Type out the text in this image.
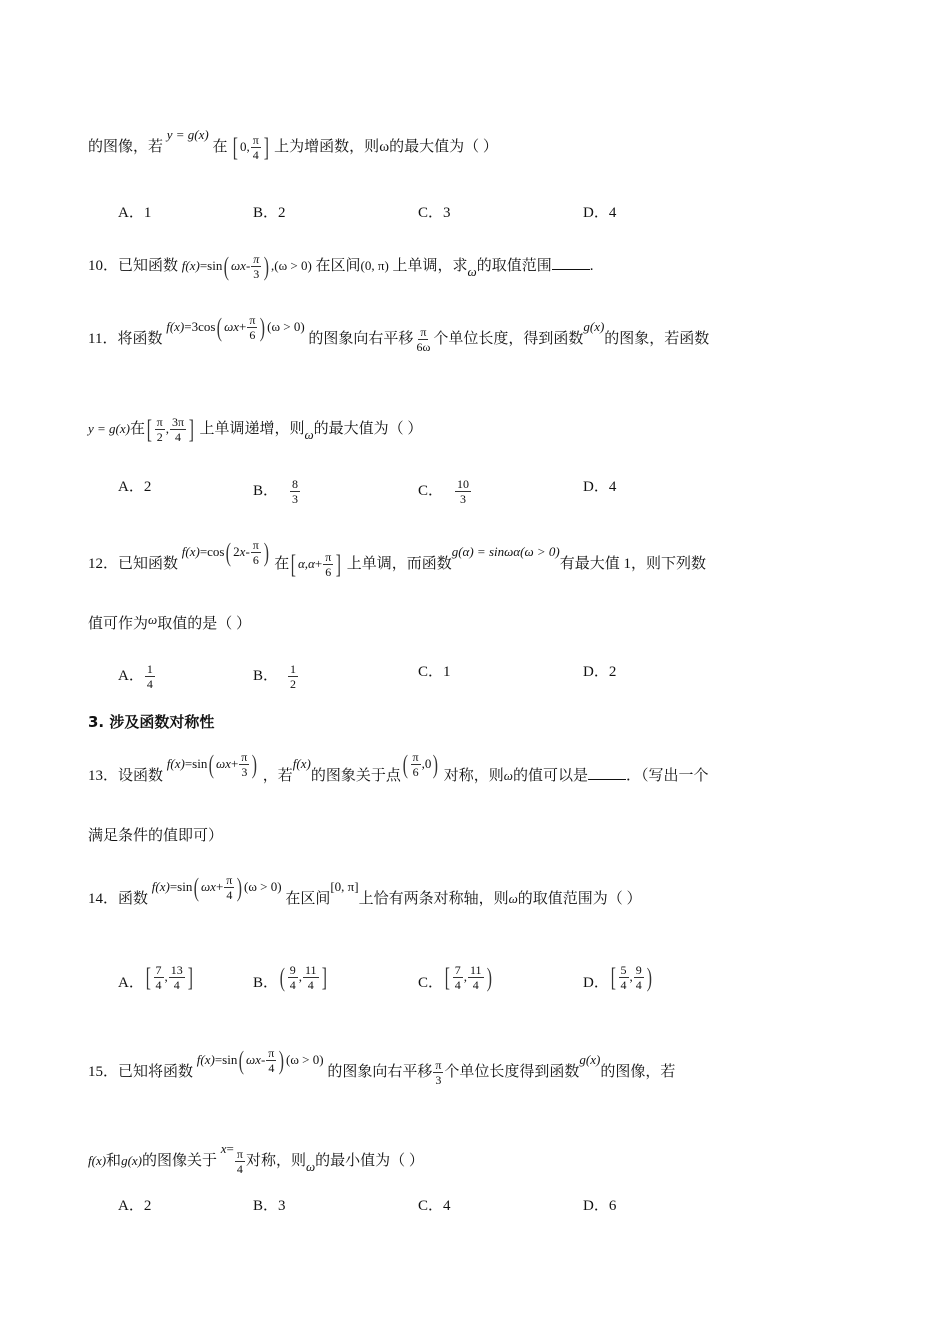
的图像，若 y = g(x) 在 [ 0, $\frac{\pi}{4}$ ] 上为增函数，则ω的最大值为（ ）
A．1	B．2	C．3	D．4
10．已知函数 f(x)=sin( $\omega x- \frac{\pi}{3}$ ) ,(ω > 0) 在区间(0, π) 上单调，求ω的取值范围	.
11．将函数 f(x)=3cos( $\omega x+ \frac{\pi}{6}$ ) (ω > 0) 的图象向右平移 $\frac{\pi}{6\omega}$ 个单位长度，得到函数g(x)的图象，若函数
y = g(x)在[ $\frac{\pi}{2}$ , $\frac{3\pi}{4}$ ] 上单调递增，则ω的最大值为（ ）
A．2	B． $\frac{8}{3}$	C． $\frac{10}{3}$	D．4
12．已知函数 f(x)=cos( $2x- \frac{\pi}{6}$ ) 在[ $\alpha,\alpha+ \frac{\pi}{6}$ ] 上单调，而函数g(α) = sinωα(ω > 0)有最大值 1，则下列数
值可作为ω取值的是（ ）
A． $\frac{1}{4}$	B． $\frac{1}{2}$	C．1	D．2
3. 涉及函数对称性
13．设函数 f(x)=sin( $\omega x+ \frac{\pi}{3}$ ) ，若f(x)的图象关于点( $\frac{\pi}{6} ,0$) 对称，则ω的值可以是	．（写出一个
满足条件的值即可）
14．函数 f(x)=sin( $\omega x+ \frac{\pi}{4}$ ) (ω > 0) 在区间[0, π]上恰有两条对称轴，则ω的取值范围为（ ）
A．[ $\frac{7}{4}$ , $\frac{13}{4}$ ]	B．( $\frac{9}{4}$ , $\frac{11}{4}$ ]	C．[ $\frac{7}{4}$ , $\frac{11}{4}$ )	D．[ $\frac{5}{4}$ , $\frac{9}{4}$ )
15．已知将函数 f(x)=sin( $\omega x- \frac{\pi}{4}$ ) (ω > 0) 的图象向右平移 $\frac{\pi}{3}$ 个单位长度得到函数g(x)的图像，若
f(x)和g(x)的图像关于 $x= \frac{\pi}{4}$ 对称，则ω的最小值为（ ）
A．2	B．3	C．4	D．6
